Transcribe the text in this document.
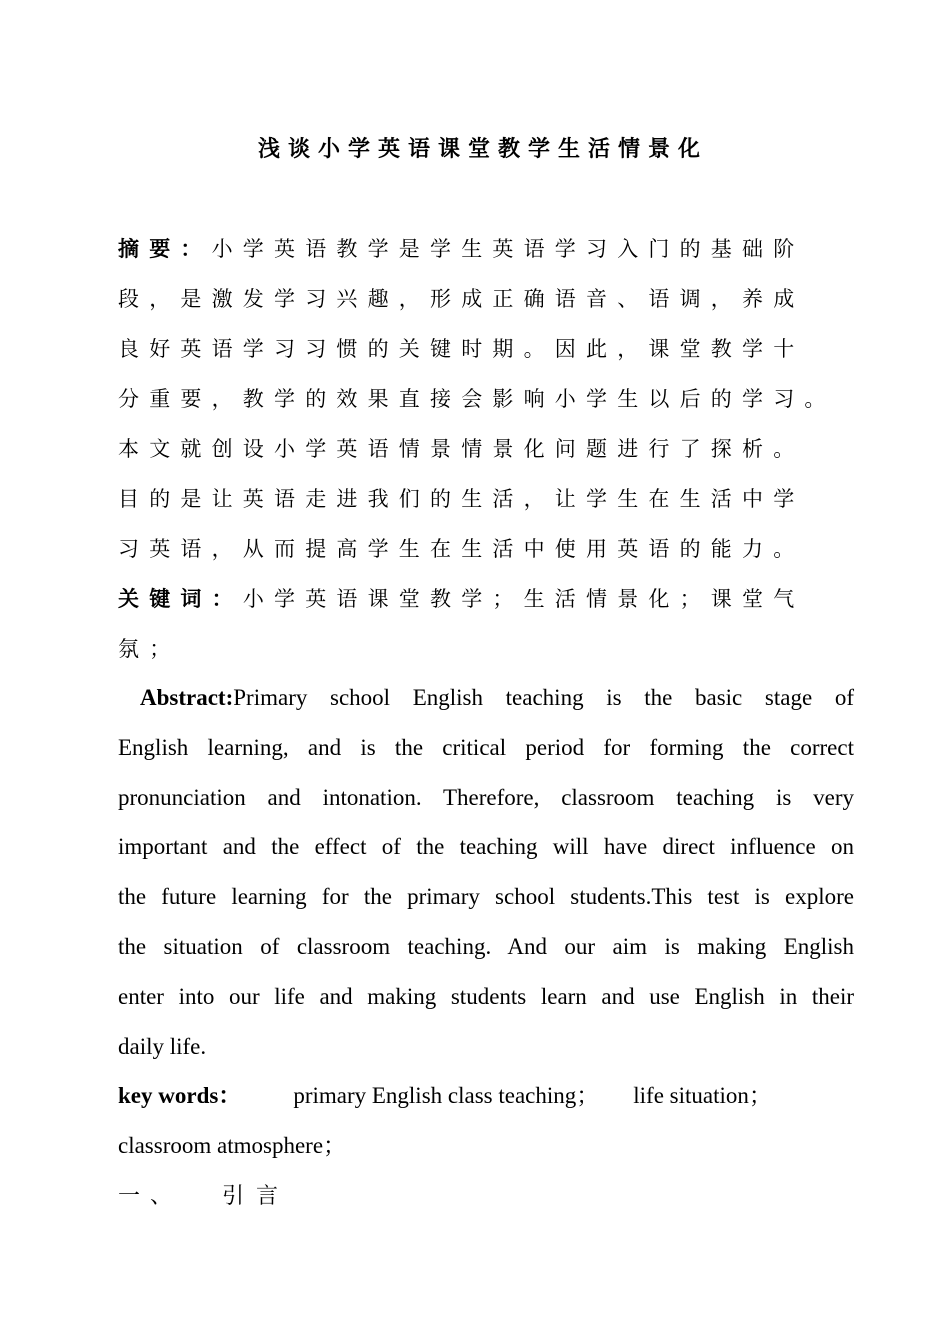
浅谈小学英语课堂教学生活情景化
摘要：小学英语教学是学生英语学习入门的基础阶
段，是激发学习兴趣，形成正确语音、语调，养成
良好英语学习习惯的关键时期。因此，课堂教学十
分重要，教学的效果直接会影响小学生以后的学习。
本文就创设小学英语情景情景化问题进行了探析。
目的是让英语走进我们的生活，让学生在生活中学
习英语，从而提高学生在生活中使用英语的能力。
关键词：小学英语课堂教学；生活情景化；课堂气
氛；
Abstract:Primary school English teaching is the basic stage of
English learning, and is the critical period for forming the correct
pronunciation and intonation. Therefore, classroom teaching is very
important and the effect of the teaching will have direct influence on
the future learning for the primary school students.This test is explore
the situation of classroom teaching. And our aim is making English
enter into our life and making students learn and use English in their
daily life.
key words： primary English class teaching； life situation；
classroom atmosphere；
一、 引言
